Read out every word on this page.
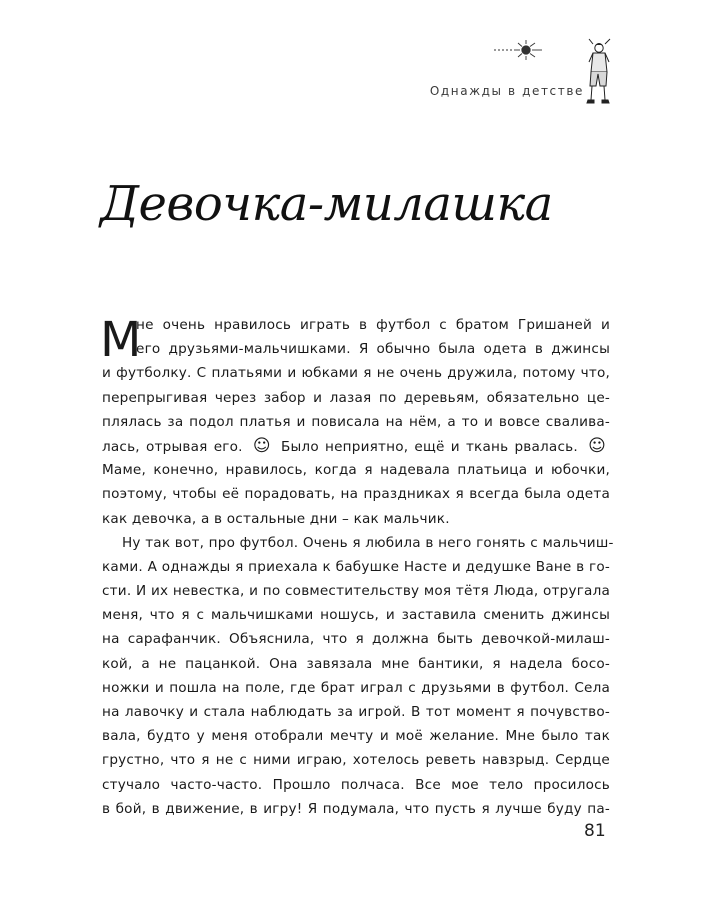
Однажды в детстве
Девочка-милашка
М
не очень нравилось играть в футбол с братом Гришаней и
его друзьями-мальчишками. Я обычно была одета в джинсы
и футболку. С платьями и юбками я не очень дружила, потому что,
перепрыгивая через забор и лазая по деревьям, обязательно це-
плялась за подол платья и повисала на нём, а то и вовсе сваливa-
лась, отрывая его. ☺ Было неприятно, ещё и ткань рвалась. ☺
Маме, конечно, нравилось, когда я надевала платьица и юбочки,
поэтому, чтобы её порадовать, на праздниках я всегда была одета
как девочка, а в остальные дни – как мальчик.
Ну так вот, про футбол. Очень я любила в него гонять с мальчиш-
ками. А однажды я приехала к бабушке Насте и дедушке Ване в го-
сти. И их невестка, и по совместительству моя тётя Люда, отругала
меня, что я с мальчишками ношусь, и заставила сменить джинсы
на сарафанчик. Объяснила, что я должна быть девочкой-милаш-
кой, а не пацанкой. Она завязала мне бантики, я надела босо-
ножки и пошла на поле, где брат играл с друзьями в футбол. Села
на лавочку и стала наблюдать за игрой. В тот момент я почувство-
вала, будто у меня отобрали мечту и моё желание. Мне было так
грустно, что я не с ними играю, хотелось реветь навзрыд. Сердце
стучало часто-часто. Прошло полчаса. Все мое тело просилось
в бой, в движение, в игру! Я подумала, что пусть я лучше буду па-
81
